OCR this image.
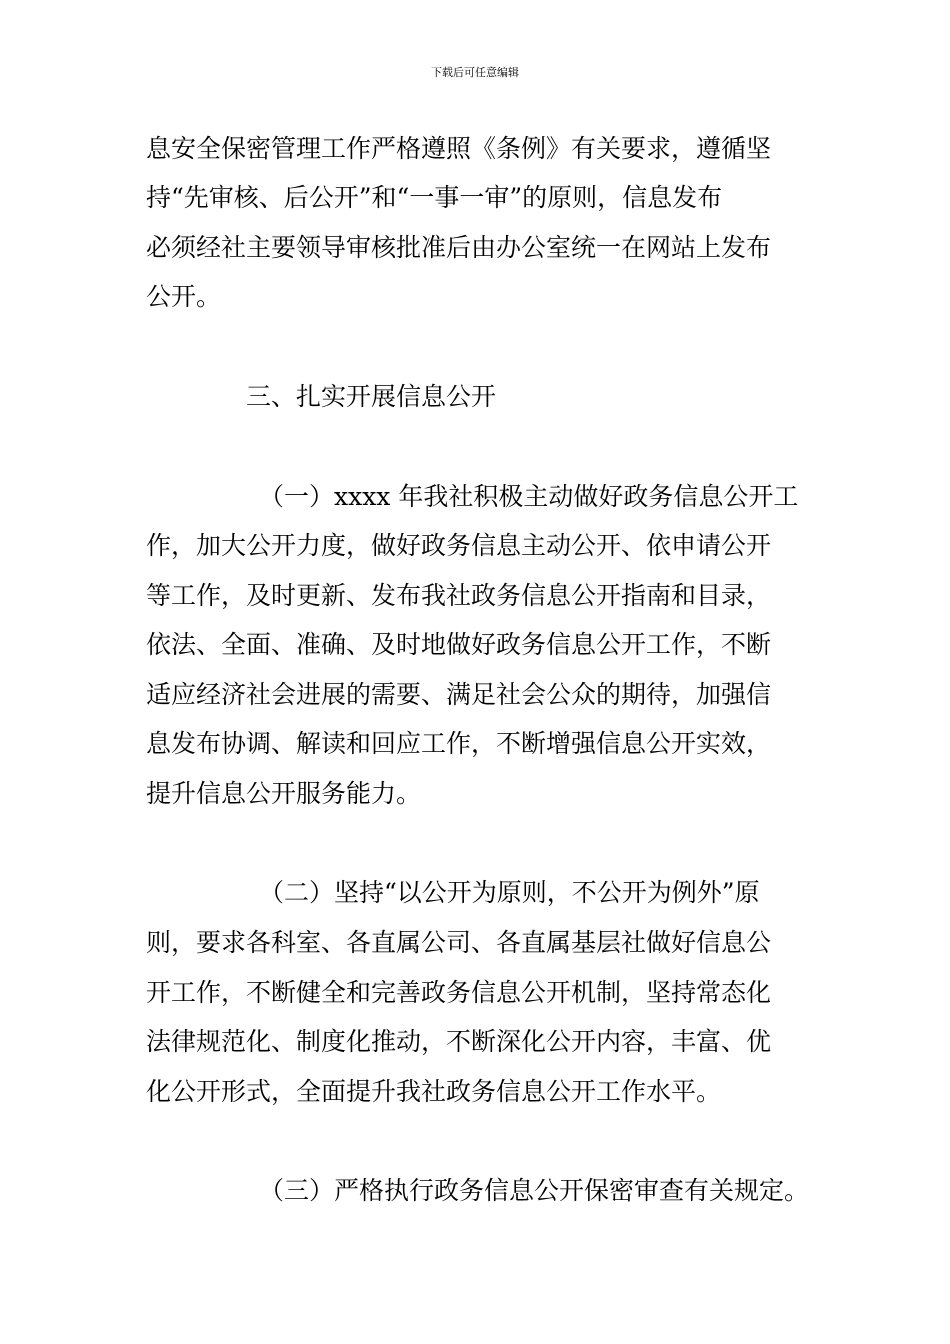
下载后可任意编辑
息安全保密管理工作严格遵照《条例》有关要求，遵循坚
持“先审核、后公开”和“一事一审”的原则，信息发布
必须经社主要领导审核批准后由办公室统一在网站上发布
公开。
三、扎实开展信息公开
（一）xxxx 年我社积极主动做好政务信息公开工
作，加大公开力度，做好政务信息主动公开、依申请公开
等工作，及时更新、发布我社政务信息公开指南和目录，
依法、全面、准确、及时地做好政务信息公开工作，不断
适应经济社会进展的需要、满足社会公众的期待，加强信
息发布协调、解读和回应工作，不断增强信息公开实效，
提升信息公开服务能力。
（二）坚持“以公开为原则，不公开为例外”原
则，要求各科室、各直属公司、各直属基层社做好信息公
开工作，不断健全和完善政务信息公开机制，坚持常态化
法律规范化、制度化推动，不断深化公开内容，丰富、优
化公开形式，全面提升我社政务信息公开工作水平。
（三）严格执行政务信息公开保密审查有关规定。
